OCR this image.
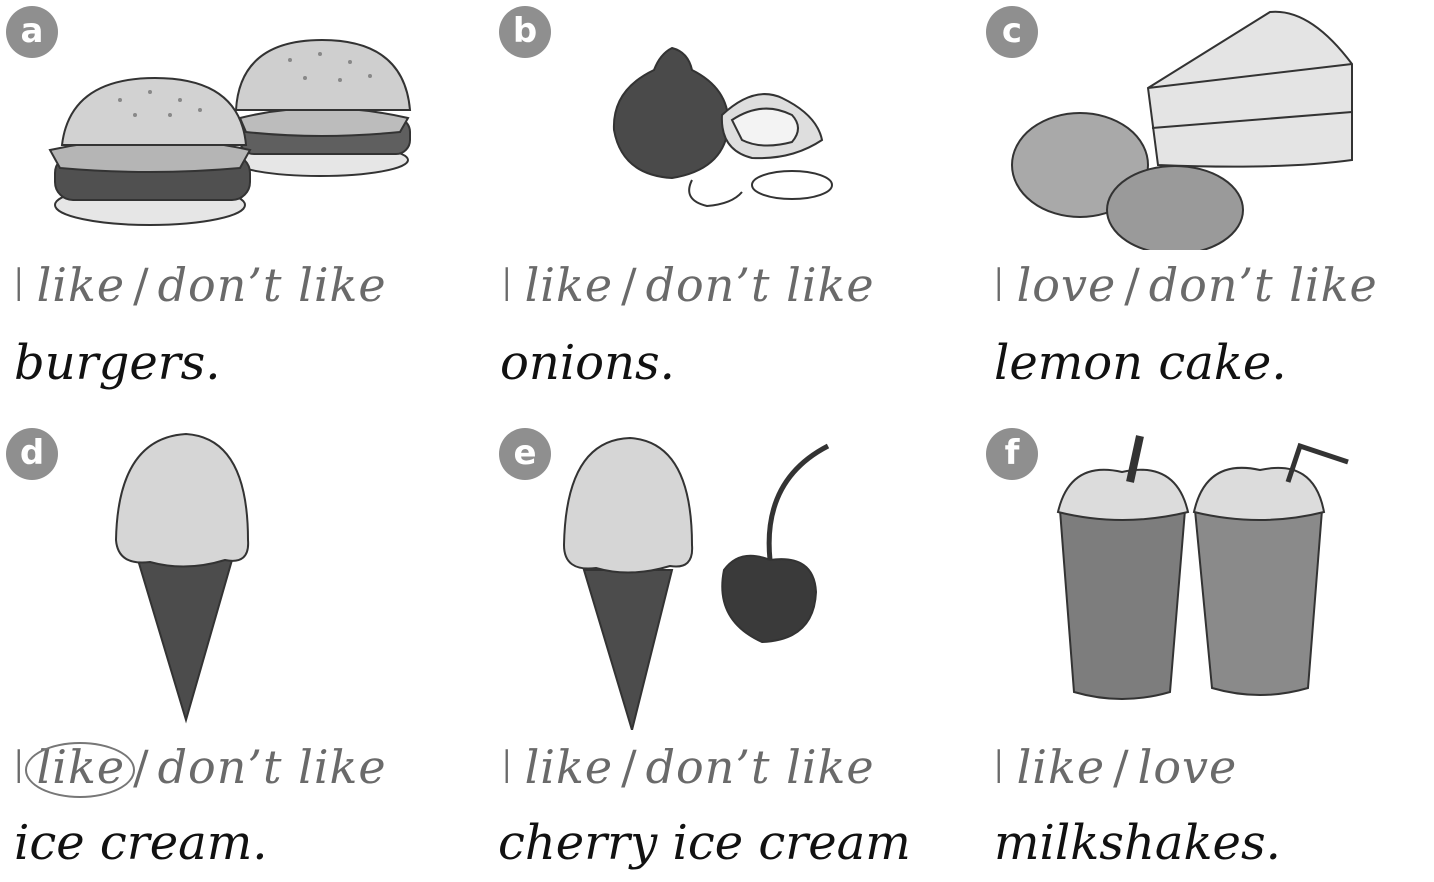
a
I like / don’t like
burgers.
b
I like / don’t like
onions.
c
I love / don’t like
lemon cake.
d
I like / don’t like
ice cream.
e
I like / don’t like
cherry ice cream
f
I like / love
milkshakes.
